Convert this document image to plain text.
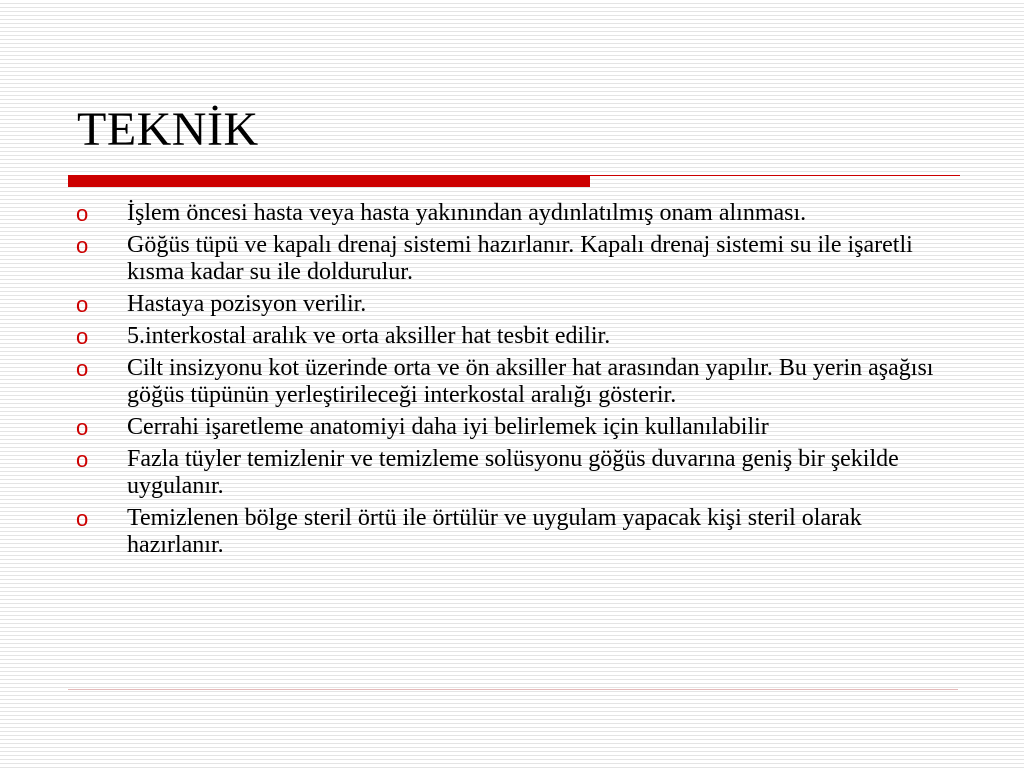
TEKNİK
o İşlem öncesi hasta veya hasta yakınından aydınlatılmış onam alınması.
o Göğüs tüpü ve kapalı drenaj sistemi hazırlanır. Kapalı drenaj sistemi su ile işaretli kısma kadar su ile doldurulur.
o Hastaya pozisyon verilir.
o 5.interkostal aralık ve orta aksiller hat tesbit edilir.
o Cilt insizyonu kot üzerinde orta ve ön aksiller hat arasından yapılır. Bu yerin aşağısı göğüs tüpünün yerleştirileceği interkostal aralığı gösterir.
o Cerrahi işaretleme anatomiyi daha iyi belirlemek için kullanılabilir
o Fazla tüyler temizlenir ve temizleme solüsyonu göğüs duvarına geniş bir şekilde uygulanır.
o Temizlenen bölge steril örtü ile örtülür ve uygulam yapacak kişi steril olarak hazırlanır.
